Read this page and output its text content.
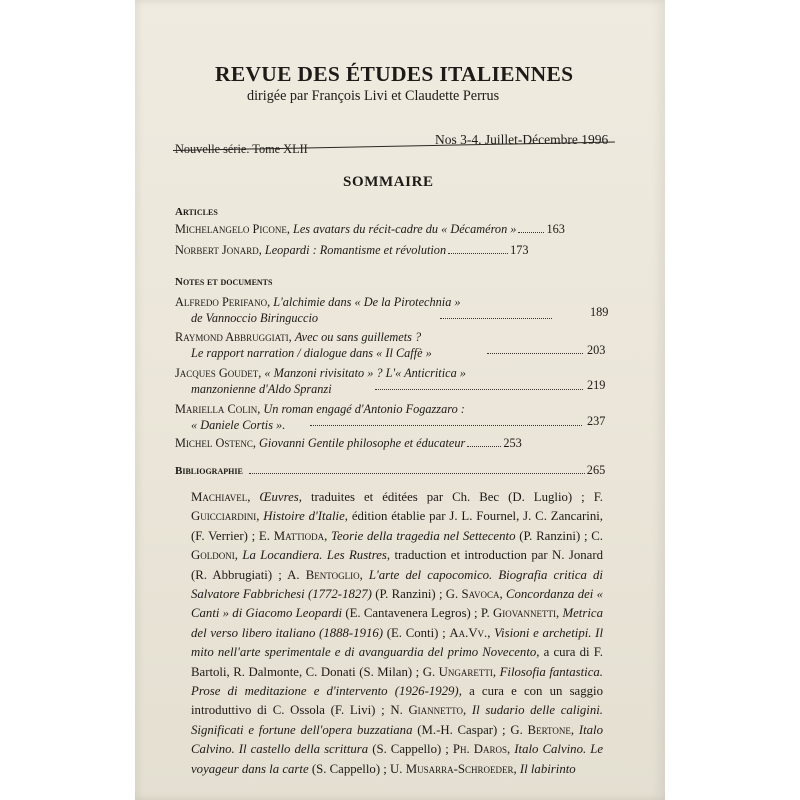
REVUE DES ÉTUDES ITALIENNES
dirigée par François Livi et Claudette Perrus
Nouvelle série. Tome XLII
Nos 3-4. Juillet-Décembre 1996
SOMMAIRE
Articles
Michelangelo Picone, Les avatars du récit-cadre du « Décaméron » 163
Norbert Jonard, Leopardi : Romantisme et révolution	173
Notes et documents
Alfredo Perifano, L'alchimie dans « De la Pirotechnia »
de Vannoccio Biringuccio	189
Raymond Abbruggiati, Avec ou sans guillemets ?
Le rapport narration / dialogue dans « Il Caffè »	203
Jacques Goudet, « Manzoni rivisitato » ? L'« Anticritica »
manzonienne d'Aldo Spranzi	219
Mariella Colin, Un roman engagé d'Antonio Fogazzaro :
« Daniele Cortis ».	237
Michel Ostenc, Giovanni Gentile philosophe et éducateur	253
Bibliographie	265
Machiavel, Œuvres, traduites et éditées par Ch. Bec (D. Luglio) ; F. Guicciardini, Histoire d'Italie, édition établie par J. L. Fournel, J. C. Zancarini, (F. Verrier) ; E. Mattioda, Teorie della tragedia nel Settecento (P. Ranzini) ; C. Goldoni, La Locandiera. Les Rustres, traduction et introduction par N. Jonard (R. Abbrugiati) ; A. Bentoglio, L'arte del capocomico. Biografia critica di Salvatore Fabbrichesi (1772-1827) (P. Ranzini) ; G. Savoca, Concordanza dei « Canti » di Giacomo Leopardi (E. Cantavenera Legros) ; P. Giovannetti, Metrica del verso libero italiano (1888-1916) (E. Conti) ; Aa.Vv., Visioni e archetipi. Il mito nell'arte sperimentale e di avanguardia del primo Novecento, a cura di F. Bartoli, R. Dalmonte, C. Donati (S. Milan) ; G. Ungaretti, Filosofia fantastica. Prose di meditazione e d'intervento (1926-1929), a cura e con un saggio introduttivo di C. Ossola (F. Livi) ; N. Giannetto, Il sudario delle caligini. Significati e fortune dell'opera buzzatiana (M.-H. Caspar) ; G. Bertone, Italo Calvino. Il castello della scrittura (S. Cappello) ; Ph. Daros, Italo Calvino. Le voyageur dans la carte (S. Cappello) ; U. Musarra-Schroeder, Il labirinto
